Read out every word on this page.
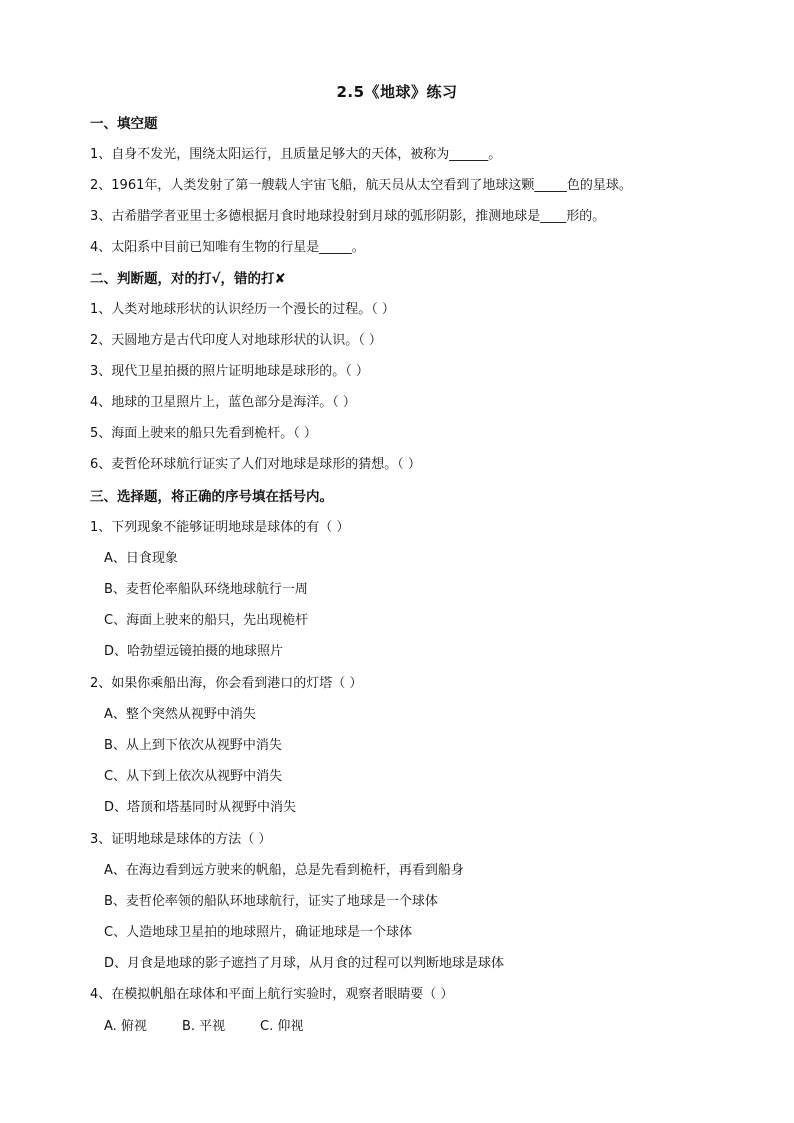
2.5《地球》练习
一、填空题
1、自身不发光，围绕太阳运行，且质量足够大的天体，被称为______。
2、1961年，人类发射了第一艘载人宇宙飞船，航天员从太空看到了地球这颗_____色的星球。
3、古希腊学者亚里士多德根据月食时地球投射到月球的弧形阴影，推测地球是____形的。
4、太阳系中目前已知唯有生物的行星是_____。
二、判断题，对的打√，错的打✘
1、人类对地球形状的认识经历一个漫长的过程。（ ）
2、天圆地方是古代印度人对地球形状的认识。（ ）
3、现代卫星拍摄的照片证明地球是球形的。（ ）
4、地球的卫星照片上，蓝色部分是海洋。（ ）
5、海面上驶来的船只先看到桅杆。（ ）
6、麦哲伦环球航行证实了人们对地球是球形的猜想。（ ）
三、选择题，将正确的序号填在括号内。
1、下列现象不能够证明地球是球体的有（ ）
A、日食现象
B、麦哲伦率船队环绕地球航行一周
C、海面上驶来的船只，先出现桅杆
D、哈勃望远镜拍摄的地球照片
2、如果你乘船出海，你会看到港口的灯塔（ ）
A、整个突然从视野中消失
B、从上到下依次从视野中消失
C、从下到上依次从视野中消失
D、塔顶和塔基同时从视野中消失
3、证明地球是球体的方法（ ）
A、在海边看到远方驶来的帆船，总是先看到桅杆，再看到船身
B、麦哲伦率领的船队环地球航行，证实了地球是一个球体
C、人造地球卫星拍的地球照片，确证地球是一个球体
D、月食是地球的影子遮挡了月球，从月食的过程可以判断地球是球体
4、在模拟帆船在球体和平面上航行实验时，观察者眼睛要（ ）
A. 俯视	B. 平视	C. 仰视
